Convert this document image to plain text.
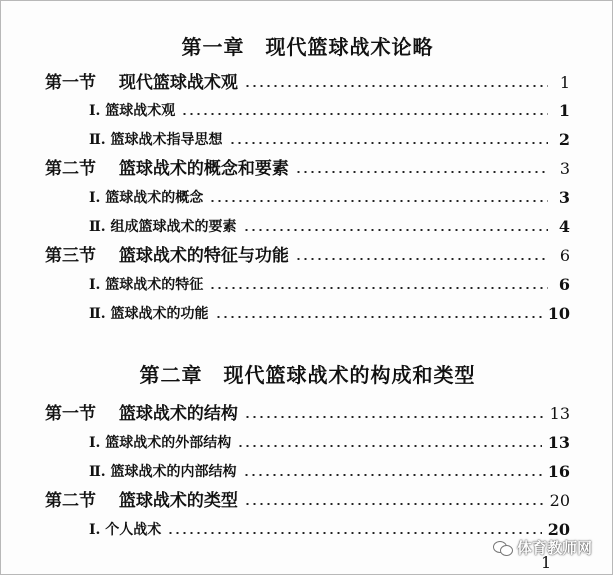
第一章　现代篮球战术论略
第一节　 现代篮球战术观	1
Ⅰ. 篮球战术观	1
Ⅱ. 篮球战术指导思想	2
第二节　 篮球战术的概念和要素	3
Ⅰ. 篮球战术的概念	3
Ⅱ. 组成篮球战术的要素	4
第三节　 篮球战术的特征与功能	6
Ⅰ. 篮球战术的特征	6
Ⅱ. 篮球战术的功能	10
第二章　现代篮球战术的构成和类型
第一节　 篮球战术的结构	13
Ⅰ. 篮球战术的外部结构	13
Ⅱ. 篮球战术的内部结构	16
第二节　 篮球战术的类型	20
Ⅰ. 个人战术	20
1
体育教师网
